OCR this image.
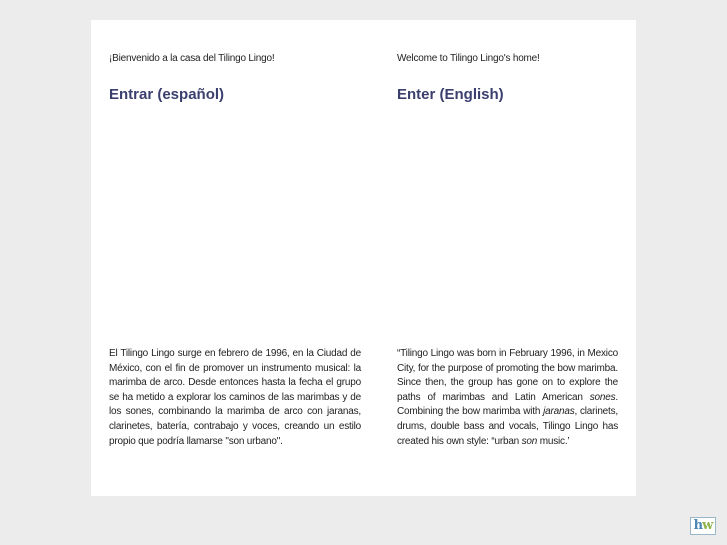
¡Bienvenido a la casa del Tilingo Lingo!
Entrar (español)
El Tilingo Lingo surge en febrero de 1996, en la Ciudad de México, con el fin de promover un instrumento musical: la marimba de arco. Desde entonces hasta la fecha el grupo se ha metido a explorar los caminos de las marimbas y de los sones, combinando la marimba de arco con jaranas, clarinetes, batería, contrabajo y voces, creando un estilo propio que podría llamarse "son urbano".
Welcome to Tilingo Lingo's home!
Enter (English)
“Tilingo Lingo was born in February 1996, in Mexico City, for the purpose of promoting the bow marimba. Since then, the group has gone on to explore the paths of marimbas and Latin American sones. Combining the bow marimba with jaranas, clarinets, drums, double bass and vocals, Tilingo Lingo has created his own style: “urban son music.’
hw
